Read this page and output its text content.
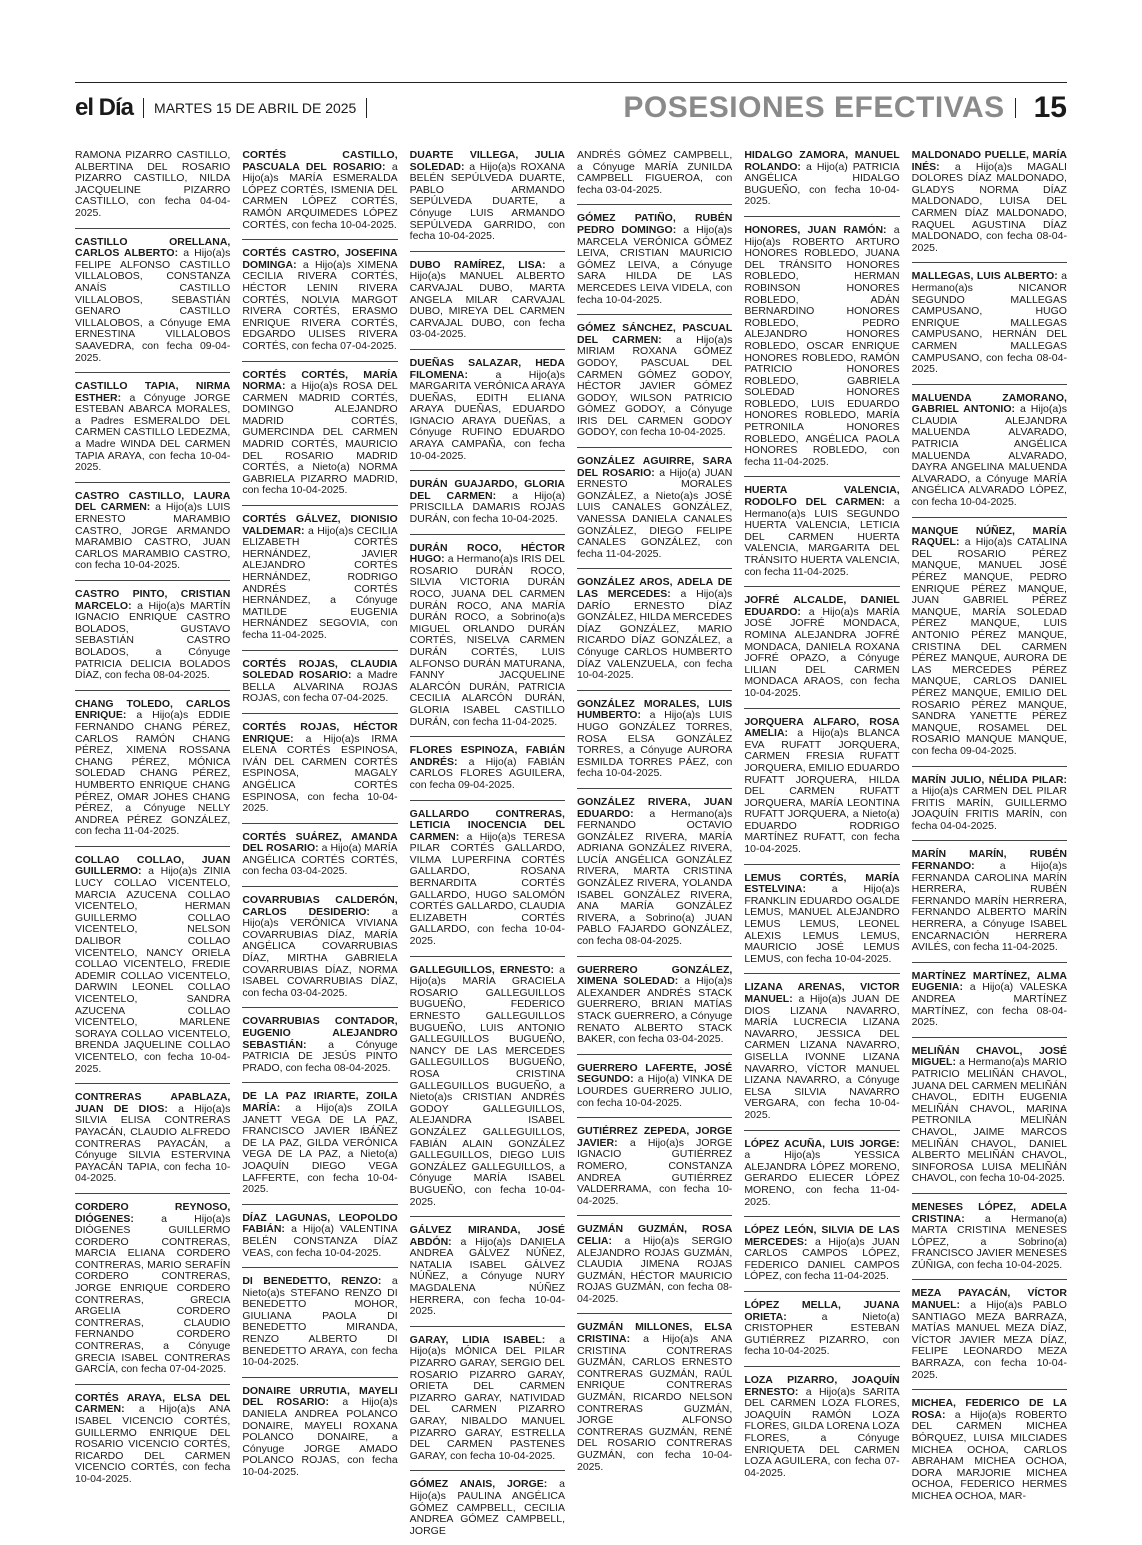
el Día MARTES 15 DE ABRIL DE 2025	POSESIONES EFECTIVAS 15
RAMONA PIZARRO CASTILLO, ALBERTINA DEL ROSARIO PIZARRO CASTILLO, NILDA JACQUELINE PIZARRO CASTILLO, con fecha 04-04-2025.
CASTILLO ORELLANA, CARLOS ALBERTO: a Hijo(a)s FELIPE ALFONSO CASTILLO VILLALOBOS, CONSTANZA ANAÍS CASTILLO VILLALOBOS, SEBASTIÁN GENARO CASTILLO VILLALOBOS, a Cónyuge EMA ERNESTINA VILLALOBOS SAAVEDRA, con fecha 09-04-2025.
CASTILLO TAPIA, NIRMA ESTHER: a Cónyuge JORGE ESTEBAN ABARCA MORALES, a Padres ESMERALDO DEL CARMEN CASTILLO LEDEZMA, a Madre WINDA DEL CARMEN TAPIA ARAYA, con fecha 10-04-2025.
CASTRO CASTILLO, LAURA DEL CARMEN: a Hijo(a)s LUIS ERNESTO MARAMBIO CASTRO, JORGE ARMANDO MARAMBIO CASTRO, JUAN CARLOS MARAMBIO CASTRO, con fecha 10-04-2025.
CASTRO PINTO, CRISTIAN MARCELO: a Hijo(a)s MARTÍN IGNACIO ENRIQUE CASTRO BOLADOS, GUSTAVO SEBASTIÁN CASTRO BOLADOS, a Cónyuge PATRICIA DELICIA BOLADOS DÍAZ, con fecha 08-04-2025.
CHANG TOLEDO, CARLOS ENRIQUE: a Hijo(a)s EDDIE FERNANDO CHANG PÉREZ, CARLOS RAMÓN CHANG PÉREZ, XIMENA ROSSANA CHANG PÉREZ, MÓNICA SOLEDAD CHANG PÉREZ, HUMBERTO ENRIQUE CHANG PÉREZ, OMAR JOHES CHANG PÉREZ, a Cónyuge NELLY ANDREA PÉREZ GONZÁLEZ, con fecha 11-04-2025.
COLLAO COLLAO, JUAN GUILLERMO: a Hijo(a)s ZINIA LUCY COLLAO VICENTELO, MARCIA AZUCENA COLLAO VICENTELO, HERMAN GUILLERMO COLLAO VICENTELO, NELSON DALIBOR COLLAO VICENTELO, NANCY ORIELA COLLAO VICENTELO, FREDIE ADEMIR COLLAO VICENTELO, DARWIN LEONEL COLLAO VICENTELO, SANDRA AZUCENA COLLAO VICENTELO, MARLENE SORAYA COLLAO VICENTELO, BRENDA JAQUELINE COLLAO VICENTELO, con fecha 10-04-2025.
CONTRERAS APABLAZA, JUAN DE DIOS: a Hijo(a)s SILVIA ELISA CONTRERAS PAYACÁN, CLAUDIO ALFREDO CONTRERAS PAYACÁN, a Cónyuge SILVIA ESTERVINA PAYACÁN TAPIA, con fecha 10-04-2025.
CORDERO REYNOSO, DIÓGENES:	a Hijo(a)s DIÓGENES GUILLERMO CORDERO CONTRERAS, MARCIA ELIANA CORDERO CONTRERAS, MARIO SERAFÍN CORDERO CONTRERAS, JORGE ENRIQUE CORDERO CONTRERAS, GRECIA ARGELIA CORDERO CONTRERAS, CLAUDIO FERNANDO CORDERO CONTRERAS, a Cónyuge GRECIA ISABEL CONTRERAS GARCÍA, con fecha 07-04-2025.
CORTÉS ARAYA, ELSA DEL CARMEN: a Hijo(a)s ANA ISABEL VICENCIO CORTÉS, GUILLERMO ENRIQUE DEL ROSARIO VICENCIO CORTÉS, RICARDO DEL CARMEN VICENCIO CORTÉS, con fecha 10-04-2025.
CORTÉS CASTILLO, PASCUALA DEL ROSARIO: a Hijo(a)s MARÍA ESMERALDA LÓPEZ CORTÉS, ISMENIA DEL CARMEN LÓPEZ CORTÉS, RAMÓN ARQUIMEDES LÓPEZ CORTÉS, con fecha 10-04-2025.
CORTÉS CASTRO, JOSEFINA DOMINGA: a Hijo(a)s XIMENA CECILIA RIVERA CORTÉS, HÉCTOR LENIN RIVERA CORTÉS, NOLVIA MARGOT RIVERA CORTÉS, ERASMO ENRIQUE RIVERA CORTÉS, EDGARDO ULISES RIVERA CORTÉS, con fecha 07-04-2025.
CORTÉS CORTÉS, MARÍA NORMA: a Hijo(a)s ROSA DEL CARMEN MADRID CORTÉS, DOMINGO ALEJANDRO MADRID CORTÉS, GUMERCINDA DEL CARMEN MADRID CORTÉS, MAURICIO DEL ROSARIO MADRID CORTÉS, a Nieto(a) NORMA GABRIELA PIZARRO MADRID, con fecha 10-04-2025.
CORTÉS GÁLVEZ, DIONISIO VALDEMAR: a Hijo(a)s CECILIA ELIZABETH CORTÉS HERNÁNDEZ, JAVIER ALEJANDRO CORTÉS HERNÁNDEZ, RODRIGO ANDRÉS CORTÉS HERNÁNDEZ, a Cónyuge MATILDE EUGENIA HERNÁNDEZ SEGOVIA, con fecha 11-04-2025.
CORTÉS ROJAS, CLAUDIA SOLEDAD ROSARIO: a Madre BELLA ALVARINA ROJAS ROJAS, con fecha 07-04-2025.
CORTÉS ROJAS, HÉCTOR ENRIQUE: a Hijo(a)s IRMA ELENA CORTÉS ESPINOSA, IVÁN DEL CARMEN CORTÉS ESPINOSA, MAGALY ANGÉLICA CORTÉS ESPINOSA, con fecha 10-04-2025.
CORTÉS SUÁREZ, AMANDA DEL ROSARIO: a Hijo(a) MARÍA ANGÉLICA CORTÉS CORTÉS, con fecha 03-04-2025.
COVARRUBIAS CALDERÓN, CARLOS DESIDERIO: a Hijo(a)s VERÓNICA VIVIANA COVARRUBIAS DÍAZ, MARÍA ANGÉLICA COVARRUBIAS DÍAZ, MIRTHA GABRIELA COVARRUBIAS DÍAZ, NORMA ISABEL COVARRUBIAS DÍAZ, con fecha 03-04-2025.
COVARRUBIAS CONTADOR, EUGENIO ALEJANDRO SEBASTIÁN: a Cónyuge PATRICIA DE JESÚS PINTO PRADO, con fecha 08-04-2025.
DE LA PAZ IRIARTE, ZOILA MARÍA: a Hijo(a)s ZOILA JANETT VEGA DE LA PAZ, FRANCISCO JAVIER IBÁÑEZ DE LA PAZ, GILDA VERÓNICA VEGA DE LA PAZ, a Nieto(a) JOAQUÍN DIEGO VEGA LAFFERTE, con fecha 10-04-2025.
DÍAZ LAGUNAS, LEOPOLDO FABIÁN: a Hijo(a) VALENTINA BELÉN CONSTANZA DÍAZ VEAS, con fecha 10-04-2025.
DI BENEDETTO, RENZO: a Nieto(a)s STEFANO RENZO DI BENEDETTO MOHOR, GIULIANA PAOLA DI BENEDETTO MIRANDA, RENZO ALBERTO DI BENEDETTO ARAYA, con fecha 10-04-2025.
DONAIRE URRUTIA, MAYELI DEL ROSARIO: a Hijo(a)s DANIELA ANDREA POLANCO DONAIRE, MAYELI ROXANA POLANCO DONAIRE, a Cónyuge JORGE AMADO POLANCO ROJAS, con fecha 10-04-2025.
DUARTE VILLEGA, JULIA SOLEDAD: a Hijo(a)s ROXANA BELÉN SEPÚLVEDA DUARTE, PABLO ARMANDO SEPÚLVEDA DUARTE, a Cónyuge LUIS ARMANDO SEPÚLVEDA GARRIDO, con fecha 10-04-2025.
DUBO RAMÍREZ, LISA: a Hijo(a)s MANUEL ALBERTO CARVAJAL DUBO, MARTA ANGELA MILAR CARVAJAL DUBO, MIREYA DEL CARMEN CARVAJAL DUBO, con fecha 03-04-2025.
DUEÑAS SALAZAR, HEDA FILOMENA:	a Hijo(a)s MARGARITA VERÓNICA ARAYA DUEÑAS, EDITH ELIANA ARAYA DUEÑAS, EDUARDO IGNACIO ARAYA DUEÑAS, a Cónyuge RUFINO EDUARDO ARAYA CAMPAÑA, con fecha 10-04-2025.
DURÁN GUAJARDO, GLORIA DEL CARMEN: a Hijo(a) PRISCILLA DAMARIS ROJAS DURÁN, con fecha 10-04-2025.
DURÁN ROCO, HÉCTOR HUGO: a Hermano(a)s IRIS DEL ROSARIO DURÁN ROCO, SILVIA VICTORIA DURÁN ROCO, JUANA DEL CARMEN DURÁN ROCO, ANA MARÍA DURÁN ROCO, a Sobrino(a)s MIGUEL ORLANDO DURÁN CORTÉS, NISELVA CARMEN DURÁN CORTÉS, LUIS ALFONSO DURÁN MATURANA, FANNY JACQUELINE ALARCÓN DURÁN, PATRICIA CECILIA ALARCÓN DURÁN, GLORIA ISABEL CASTILLO DURÁN, con fecha 11-04-2025.
FLORES ESPINOZA, FABIÁN ANDRÉS: a Hijo(a) FABIÁN CARLOS FLORES AGUILERA, con fecha 09-04-2025.
GALLARDO CONTRERAS, LETICIA INOCENCIA DEL CARMEN: a Hijo(a)s TERESA PILAR CORTÉS GALLARDO, VILMA LUPERFINA CORTÉS GALLARDO, ROSANA BERNARDITA CORTÉS GALLARDO, HUGO SALOMÓN CORTÉS GALLARDO, CLAUDIA ELIZABETH CORTÉS GALLARDO, con fecha 10-04-2025.
GALLEGUILLOS, ERNESTO: a Hijo(a)s MARÍA GRACIELA ROSARIO GALLEGUILLOS BUGUEÑO, FEDERICO ERNESTO GALLEGUILLOS BUGUEÑO, LUIS ANTONIO GALLEGUILLOS BUGUEÑO, NANCY DE LAS MERCEDES GALLEGUILLOS BUGUEÑO, ROSA CRISTINA GALLEGUILLOS BUGUEÑO, a Nieto(a)s CRISTIAN ANDRÉS GODOY GALLEGUILLOS, ALEJANDRA ISABEL GONZÁLEZ GALLEGUILLOS, FABIÁN ALAIN GONZÁLEZ GALLEGUILLOS, DIEGO LUIS GONZÁLEZ GALLEGUILLOS, a Cónyuge MARÍA ISABEL BUGUEÑO, con fecha 10-04-2025.
GÁLVEZ MIRANDA, JOSÉ ABDÓN: a Hijo(a)s DANIELA ANDREA GÁLVEZ NÚÑEZ, NATALIA ISABEL GÁLVEZ NÚÑEZ, a Cónyuge NURY MAGDALENA NÚÑEZ HERRERA, con fecha 10-04-2025.
GARAY, LIDIA ISABEL: a Hijo(a)s MÓNICA DEL PILAR PIZARRO GARAY, SERGIO DEL ROSARIO PIZARRO GARAY, ORIETA DEL CARMEN PIZARRO GARAY, NATIVIDAD DEL CARMEN PIZARRO GARAY, NIBALDO MANUEL PIZARRO GARAY, ESTRELLA DEL CARMEN PASTENES GARAY, con fecha 10-04-2025.
GÓMEZ ANAIS, JORGE: a Hijo(a)s PAULINA ANGÉLICA GÓMEZ CAMPBELL, CECILIA ANDREA GÓMEZ CAMPBELL, JORGE
ANDRÉS GÓMEZ CAMPBELL, a Cónyuge MARÍA ZUNILDA CAMPBELL FIGUEROA, con fecha 03-04-2025.
GÓMEZ PATIÑO, RUBÉN PEDRO DOMINGO: a Hijo(a)s MARCELA VERÓNICA GÓMEZ LEIVA, CRISTIAN MAURICIO GÓMEZ LEIVA, a Cónyuge SARA HILDA DE LAS MERCEDES LEIVA VIDELA, con fecha 10-04-2025.
GÓMEZ SÁNCHEZ, PASCUAL DEL CARMEN: a Hijo(a)s MIRIAM ROXANA GÓMEZ GODOY, PASCUAL DEL CARMEN GÓMEZ GODOY, HÉCTOR JAVIER GÓMEZ GODOY, WILSON PATRICIO GÓMEZ GODOY, a Cónyuge IRIS DEL CARMEN GODOY GODOY, con fecha 10-04-2025.
GONZÁLEZ AGUIRRE, SARA DEL ROSARIO: a Hijo(a) JUAN ERNESTO MORALES GONZÁLEZ, a Nieto(a)s JOSÉ LUIS CANALES GONZÁLEZ, VANESSA DANIELA CANALES GONZÁLEZ, DIEGO FELIPE CANALES GONZÁLEZ, con fecha 11-04-2025.
GONZÁLEZ AROS, ADELA DE LAS MERCEDES: a Hijo(a)s DARÍO ERNESTO DÍAZ GONZÁLEZ, HILDA MERCEDES DÍAZ GONZÁLEZ, MARIO RICARDO DÍAZ GONZÁLEZ, a Cónyuge CARLOS HUMBERTO DÍAZ VALENZUELA, con fecha 10-04-2025.
GONZÁLEZ MORALES, LUIS HUMBERTO: a Hijo(a)s LUIS HUGO GONZÁLEZ TORRES, ROSA ELSA GONZÁLEZ TORRES, a Cónyuge AURORA ESMILDA TORRES PÁEZ, con fecha 10-04-2025.
GONZÁLEZ RIVERA, JUAN EDUARDO: a Hermano(a)s FERNANDO OCTAVIO GONZÁLEZ RIVERA, MARÍA ADRIANA GONZÁLEZ RIVERA, LUCÍA ANGÉLICA GONZÁLEZ RIVERA, MARTA CRISTINA GONZÁLEZ RIVERA, YOLANDA ISABEL GONZÁLEZ RIVERA, ANA MARÍA GONZÁLEZ RIVERA, a Sobrino(a) JUAN PABLO FAJARDO GONZÁLEZ, con fecha 08-04-2025.
GUERRERO GONZÁLEZ, XIMENA SOLEDAD: a Hijo(a)s ALEXANDER ANDRÉS STACK GUERRERO, BRIAN MATÍAS STACK GUERRERO, a Cónyuge RENATO ALBERTO STACK BAKER, con fecha 03-04-2025.
GUERRERO LAFERTE, JOSÉ SEGUNDO: a Hijo(a) VINKA DE LOURDES GUERRERO JULIO, con fecha 10-04-2025.
GUTIÉRREZ ZEPEDA, JORGE JAVIER: a Hijo(a)s JORGE IGNACIO GUTIÉRREZ ROMERO, CONSTANZA ANDREA GUTIÉRREZ VALDERRAMA, con fecha 10-04-2025.
GUZMÁN GUZMÁN, ROSA CELIA: a Hijo(a)s SERGIO ALEJANDRO ROJAS GUZMÁN, CLAUDIA JIMENA ROJAS GUZMÁN, HÉCTOR MAURICIO ROJAS GUZMÁN, con fecha 08-04-2025.
GUZMÁN MILLONES, ELSA CRISTINA: a Hijo(a)s ANA CRISTINA CONTRERAS GUZMÁN, CARLOS ERNESTO CONTRERAS GUZMÁN, RAÚL ENRIQUE CONTRERAS GUZMÁN, RICARDO NELSON CONTRERAS GUZMÁN, JORGE ALFONSO CONTRERAS GUZMÁN, RENÉ DEL ROSARIO CONTRERAS GUZMÁN, con fecha 10-04-2025.
HIDALGO ZAMORA, MANUEL ROLANDO: a Hijo(a) PATRICIA ANGÉLICA HIDALGO BUGUEÑO, con fecha 10-04-2025.
HONORES, JUAN RAMÓN: a Hijo(a)s ROBERTO ARTURO HONORES ROBLEDO, JUANA DEL TRÁNSITO HONORES ROBLEDO, HERMAN ROBINSON HONORES ROBLEDO, ADÁN BERNARDINO HONORES ROBLEDO, PEDRO ALEJANDRO HONORES ROBLEDO, OSCAR ENRIQUE HONORES ROBLEDO, RAMÓN PATRICIO HONORES ROBLEDO, GABRIELA SOLEDAD HONORES ROBLEDO, LUIS EDUARDO HONORES ROBLEDO, MARÍA PETRONILA HONORES ROBLEDO, ANGÉLICA PAOLA HONORES ROBLEDO, con fecha 11-04-2025.
HUERTA VALENCIA, RODOLFO DEL CARMEN: a Hermano(a)s LUIS SEGUNDO HUERTA VALENCIA, LETICIA DEL CARMEN HUERTA VALENCIA, MARGARITA DEL TRÁNSITO HUERTA VALENCIA, con fecha 11-04-2025.
JOFRÉ ALCALDE, DANIEL EDUARDO: a Hijo(a)s MARÍA JOSÉ JOFRÉ MONDACA, ROMINA ALEJANDRA JOFRÉ MONDACA, DANIELA ROXANA JOFRÉ OPAZO, a Cónyuge LILIAN DEL CARMEN MONDACA ARAOS, con fecha 10-04-2025.
JORQUERA ALFARO, ROSA AMELIA: a Hijo(a)s BLANCA EVA RUFATT JORQUERA, CARMEN FRESIA RUFATT JORQUERA, EMILIO EDUARDO RUFATT JORQUERA, HILDA DEL CARMEN RUFATT JORQUERA, MARÍA LEONTINA RUFATT JORQUERA, a Nieto(a) EDUARDO RODRIGO MARTÍNEZ RUFATT, con fecha 10-04-2025.
LEMUS CORTÉS, MARÍA ESTELVINA: a Hijo(a)s FRANKLIN EDUARDO OGALDE LEMUS, MANUEL ALEJANDRO LEMUS LEMUS, LEONEL ALEXIS LEMUS LEMUS, MAURICIO JOSÉ LEMUS LEMUS, con fecha 10-04-2025.
LIZANA ARENAS, VICTOR MANUEL: a Hijo(a)s JUAN DE DIOS LIZANA NAVARRO, MARÍA LUCRECIA LIZANA NAVARRO, JESSICA DEL CARMEN LIZANA NAVARRO, GISELLA IVONNE LIZANA NAVARRO, VÍCTOR MANUEL LIZANA NAVARRO, a Cónyuge ELSA SILVIA NAVARRO VERGARA, con fecha 10-04-2025.
LÓPEZ ACUÑA, LUIS JORGE: a Hijo(a)s YESSICA ALEJANDRA LÓPEZ MORENO, GERARDO ELIECER LÓPEZ MORENO, con fecha 11-04-2025.
LÓPEZ LEÓN, SILVIA DE LAS MERCEDES: a Hijo(a)s JUAN CARLOS CAMPOS LÓPEZ, FEDERICO DANIEL CAMPOS LÓPEZ, con fecha 11-04-2025.
LÓPEZ MELLA, JUANA ORIETA:	a Nieto(a) CRISTOPHER ESTEBAN GUTIÉRREZ PIZARRO, con fecha 10-04-2025.
LOZA PIZARRO, JOAQUÍN ERNESTO: a Hijo(a)s SARITA DEL CARMEN LOZA FLORES, JOAQUÍN RAMÓN LOZA FLORES, GILDA LORENA LOZA FLORES, a Cónyuge ENRIQUETA DEL CARMEN LOZA AGUILERA, con fecha 07-04-2025.
MALDONADO PUELLE, MARÍA INÉS: a Hijo(a)s MAGALI DOLORES DÍAZ MALDONADO, GLADYS NORMA DÍAZ MALDONADO, LUISA DEL CARMEN DÍAZ MALDONADO, RAQUEL AGUSTINA DÍAZ MALDONADO, con fecha 08-04-2025.
MALLEGAS, LUIS ALBERTO: a Hermano(a)s NICANOR SEGUNDO MALLEGAS CAMPUSANO, HUGO ENRIQUE MALLEGAS CAMPUSANO, HERNÁN DEL CARMEN MALLEGAS CAMPUSANO, con fecha 08-04-2025.
MALUENDA ZAMORANO, GABRIEL ANTONIO: a Hijo(a)s CLAUDIA ALEJANDRA MALUENDA ALVARADO, PATRICIA ANGÉLICA MALUENDA ALVARADO, DAYRA ANGELINA MALUENDA ALVARADO, a Cónyuge MARÍA ANGÉLICA ALVARADO LÓPEZ, con fecha 10-04-2025.
MANQUE NÚÑEZ, MARÍA RAQUEL: a Hijo(a)s CATALINA DEL ROSARIO PÉREZ MANQUE, MANUEL JOSÉ PÉREZ MANQUE, PEDRO ENRIQUE PÉREZ MANQUE, JUAN GABRIEL PÉREZ MANQUE, MARÍA SOLEDAD PÉREZ MANQUE, LUIS ANTONIO PÉREZ MANQUE, CRISTINA DEL CARMEN PÉREZ MANQUE, AURORA DE LAS MERCEDES PÉREZ MANQUE, CARLOS DANIEL PÉREZ MANQUE, EMILIO DEL ROSARIO PÉREZ MANQUE, SANDRA YANETTE PÉREZ MANQUE, ROSAMEL DEL ROSARIO MANQUE MANQUE, con fecha 09-04-2025.
MARÍN JULIO, NÉLIDA PILAR: a Hijo(a)s CARMEN DEL PILAR FRITIS MARÍN, GUILLERMO JOAQUÍN FRITIS MARÍN, con fecha 04-04-2025.
MARÍN MARÍN, RUBÉN FERNANDO: a Hijo(a)s FERNANDA CAROLINA MARÍN HERRERA, RUBÉN FERNANDO MARÍN HERRERA, FERNANDO ALBERTO MARÍN HERRERA, a Cónyuge ISABEL ENCARNACIÓN HERRERA AVILÉS, con fecha 11-04-2025.
MARTÍNEZ MARTÍNEZ, ALMA EUGENIA: a Hijo(a) VALESKA ANDREA MARTÍNEZ MARTÍNEZ, con fecha 08-04-2025.
MELIÑÁN CHAVOL, JOSÉ MIGUEL: a Hermano(a)s MARIO PATRICIO MELIÑÁN CHAVOL, JUANA DEL CARMEN MELIÑÁN CHAVOL, EDITH EUGENIA MELIÑÁN CHAVOL, MARINA PETRONILA MELIÑÁN CHAVOL, JAIME MARCOS MELIÑÁN CHAVOL, DANIEL ALBERTO MELIÑÁN CHAVOL, SINFOROSA LUISA MELIÑÁN CHAVOL, con fecha 10-04-2025.
MENESES LÓPEZ, ADELA CRISTINA: a Hermano(a) MARTA CRISTINA MENESES LÓPEZ, a Sobrino(a) FRANCISCO JAVIER MENESES ZÚÑIGA, con fecha 10-04-2025.
MEZA PAYACÁN, VÍCTOR MANUEL: a Hijo(a)s PABLO SANTIAGO MEZA BARRAZA, MATÍAS MANUEL MEZA DÍAZ, VÍCTOR JAVIER MEZA DÍAZ, FELIPE LEONARDO MEZA BARRAZA, con fecha 10-04-2025.
MICHEA, FEDERICO DE LA ROSA: a Hijo(a)s ROBERTO DEL CARMEN MICHEA BÓRQUEZ, LUISA MILCIADES MICHEA OCHOA, CARLOS ABRAHAM MICHEA OCHOA, DORA MARJORIE MICHEA OCHOA, FEDERICO HERMES MICHEA OCHOA, MAR-
